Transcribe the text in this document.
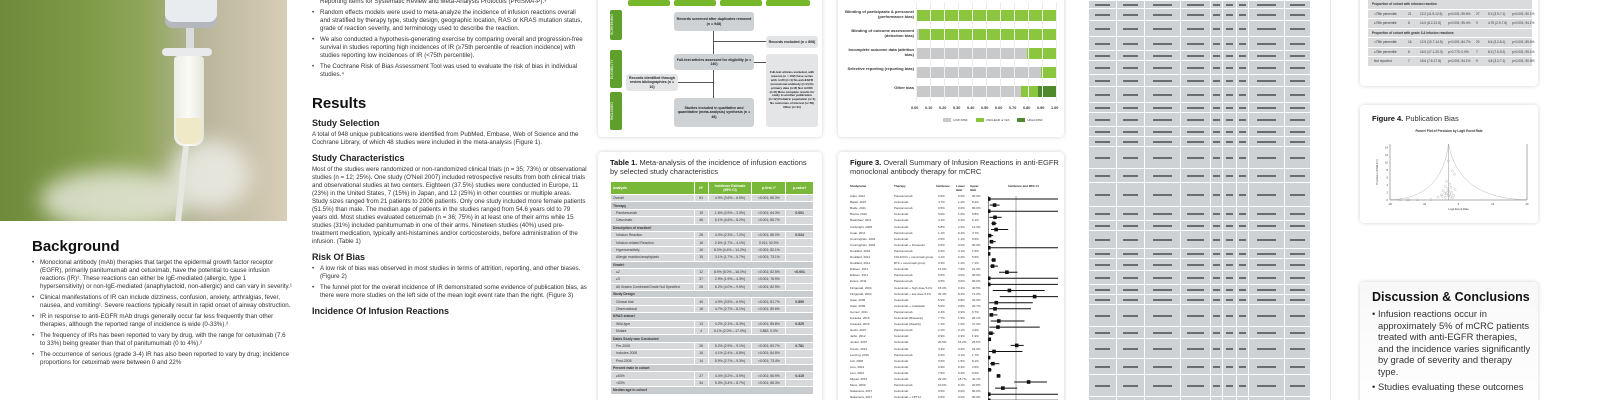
Background
• Monoclonal antibody (mAb) therapies that target the epidermal growth factor receptor (EGFR), primarily panitumumab and cetuximab, have the potential to cause infusion reactions (IR)¹. These reactions can either be IgE-mediated (allergic, type 1 hypersensitivity) or non-IgE-mediated (anaphylactoid, non-allergic) and can vary in severity.¹
• Clinical manifestations of IR can include dizziness, confusion, anxiety, arthralgias, fever, nausea, and vomiting¹. Severe reactions typically result in rapid onset of airway obstruction.
• IR in response to anti-EGFR mAb drugs generally occur far less frequently than other therapies, although the reported range of incidence is wide (0-33%).²
• The frequency of IRs has been reported to vary by drug, with the range for cetuximab (7.6 to 33%) being greater than that of panitumumab (0 to 4%).²
• The occurrence of serious (grade 3-4) IR has also been reported to vary by drug; incidence proportions for cetuximab were between 0 and 22%
Reporting Items for Systematic Review and Meta-Analysis Protocols (PRISMA-P).³
• Random effects models were used to meta-analyze the incidence of infusion reactions overall and stratified by therapy type, study design, geographic location, RAS or KRAS mutation status, grade of reaction severity, and terminology used to describe the reaction.
• We also conducted a hypothesis-generating exercise by comparing overall and progression-free survival in studies reporting high incidences of IR (≥75th percentile of reaction incidence) with studies reporting low incidences of IR (<75th percentile).
• The Cochrane Risk of Bias Assessment Tool was used to evaluate the risk of bias in individual studies.⁴
Results
Study Selection

A total of 948 unique publications were identified from PubMed, Embase, Web of Science and the Cochrane Library, of which 48 studies were included in the meta-analysis (Figure 1).

Study Characteristics

Most of the studies were randomized or non-randomized clinical trials (n = 35; 73%) or observational studies (n = 12; 25%). One study (O'Neil 2007) included retrospective results from both clinical trials and observational studies at two centers. Eighteen (37.5%) studies were conducted in Europe, 11 (23%) in the United States, 7 (15%) in Japan, and 12 (25%) in other counties or multiple areas. Study sizes ranged from 21 patients to 2006 patients. Only one study included more female patients (51.5%) than male. The median age of patients in the studies ranged from 54.6 years old to 79 years old. Most studies evaluated cetuximab (n = 36; 75%) in at least one of their arms while 15 studies (31%) included panitumumab in one of their arms. Nineteen studies (40%) used pre-treatment medication, typically anti-histamines and/or corticosteroids, before administration of the infusion. (Table 1)

Risk Of Bias
• A low risk of bias was observed in most studies in terms of attrition, reporting, and other biases. (Figure 2)
• The funnel plot for the overall incidence of IR demonstrated some evidence of publication bias, as there were more studies on the left side of the mean logit event rate than the right. (Figure 3)
Incidence Of Infusion Reactions
SCREENING
ELIGIBILITY
INCLUDED
Records screened after duplicates removed (n = 948)
Records excluded (n = 808)
Full-text articles assessed for eligibility (n = 140)
Records identified through review bibliographies (n = 10)
Studies included in qualitative and quantitative (meta-analysis) synthesis (n = 48)
Full-text articles excluded, with reasons (n = 102) Case series with n<20 (n=4) No anti-EGFR monoclonal antibody (n=2) No primary data (n=8) Not mCRC (n=8) More complete results for study in another publication (n=12) Pediatric population (n=1) No outcomes of interest (n=56) Other (n=11)
Blinding of participants & personnel (performance bias)
Blinding of outcome assessment (detection bias)
Incomplete outcome data (attrition bias)
Selective reporting (reporting bias)
Other bias
0.00 0.10 0.20 0.30 0.40 0.50 0.60 0.70 0.80 0.90 1.00
LOW RISK	UNCLEAR or N/A	HIGH RISK
Table 1. Meta-analysis of the incidence of infusion eactions by selected study characteristics
Analysis	N*	Incidence Estimate (95% CI)	p-first, I²	p-value†
Overall	61	4.9% (3.6% – 6.5%)	<0.001; 85.3%	
Therapy				
Panitumumab	15	1.6% (0.9% – 3.3%)	<0.001; 64.3%	0.001
Cetuximab	46	6.1% (4.6% – 8.2%)	<0.001; 85.7%	
Description of reaction†				
Infusion Reaction	28	4.0% (2.3% – 7.2%)	<0.001; 88.0%	0.024
Infusion-related Reaction	18	2.6% (1.7% – 4.1%)	0.011; 52.0%	
Hypersensitivity	16	8.0% (4.4% – 14.2%)	<0.001; 82.1%	
Allergic reaction/anaphylaxis	15	3.1% (1.7% – 5.7%)	<0.001; 73.1%	
Grade†				
≤2	12	8.9% (5.0% – 16.0%)	<0.001; 82.5%	<0.001
≥3	37	2.9% (1.9% – 4.3%)	<0.001; 76.9%	
All Grades Combined/Grade Not Specified	26	6.2% (4.0% – 9.5%)	<0.001; 82.9%	
Study Design				
Clinical trial	45	4.9% (3.5% – 6.9%)	<0.001; 81.7%	0.859
Observational	16	4.7% (2.7% – 8.1%)	<0.001; 89.6%	
KRAS status†				
Wild-type	13	4.2% (2.1% – 8.3%)	<0.001; 85.8%	0.525
Mutant	4	6.1% (2.0% – 17.0%)	0.862; 0.0%	
Dates Study was Conducted				
Pre-2008	26	5.2% (2.9% – 9.1%)	<0.001; 83.7%	0.781
Includes 2008	16	4.1% (2.4% – 6.8%)	<0.001; 84.5%	
Post-2008	14	5.9% (2.7% – 9.3%)	<0.001; 73.4%	
Percent male in cohort				
≥63%	27	4.4% (3.2% – 5.9%)	<0.001; 66.9%	0.415
<63%	34	5.3% (3.4% – 8.7%)	<0.001; 88.3%	
Median age in cohort				
Figure 3. Overall Summary of Infusion Reactions in anti-EGFR monoclonal antibody therapy for mCRC
Studyname	Therapy	Incidence Lower limit
Upper limit
Incidence and 95% CI
Adjei, 2012	Panitumumab	0.5%	0.0% 90.0%
Bartel, 2007	Cetuximab	4.7%	1.2% 8.3%
Bodle, 2011	Panitumumab	0.5%	0.0% 90.0%
Brecia, 2010	Cetuximab	5.0%	1.0% 9.8%
Bradshaw, 2011	Cetuximab	4.1%	2.4% 6.1%
Cartwright, 2009	Cetuximab	5.8%	2.2% 14.4%
Cuau, 2011	Panitumumab	1.1%	0.4% 3.7%
Cunningham, 2004	Cetuximab	2.5%	1.1% 5.6%
Cunningham, 2004	Cetuximab + Irinotecan	0.5%	0.0% 90.0%
Douillard, 2010	Panitumumab	0.4%	0.1% 1.6%
Douillard, 2014	FOLFOX4 + cetuximab group 4.1%	2.2% 5.5%
Douillard, 2014	BTZ + cetuximab group	3.3%	1.4% 7.1%
Eriksen, 2011	Cetuximab	13.5%	7.9% 21.0%
Eriksen, 2011	Panitumumab	0.5%	0.0% 90.0%
Evans, 2011	Panitumumab	0.5%	0.0% 90.0%
Fitzgerald, 2004	Cetuximab + high dose 5-FU 15.3%	3.4% 40.5%
Fitzgerald, 2004	Cetuximab + low dose 5-FU 33.3%	8.4% 71.2%
Gaisi, 2009	Cetuximab	5.9%	0.8% 32.0%
Gaisi, 2009	Cetuximab + oxaliplatin	5.0%	0.8% 30.7%
Gomez, 2011	Panitumumab	2.4%	0.9% 6.7%
Kuraoka, 2016	Cetuximab (Biweekly)	7.7%	1.9% 26.1%
Kuraoka, 2016	Cetuximab (Weekly)	7.1%	1.0% 37.0%
Hecht, 2007	Panitumumab	2.1%	0.1% 4.6%
Jaiho, 2012	Cetuximab	0.9%	0.3% 1.9%
Jonker, 2007	Cetuximab	20.5%	16.2% 25.5%
Kondo, 2013	Cetuximab	4.3%	0.6% 24.6%
Lenzing, 2016	Panitumumab	0.4%	0.1% 1.7%
Lidi, 2008	Cetuximab	3.5%	1.5% 8.1%
Liou, 2004	Cetuximab	0.9%	0.3% 2.6%
Liou, 2004	Cetuximab	7.5%	6.2% 9.0%
Miguel, 2013	Cetuximab	29.0%	18.7% 42.1%
Moss, 2009	Panitumumab	10.6%	5.1% 20.8%
Nakamura, 2017	Cetuximab	0.5%	0.0% 90.0%
Nakamura, 2017	Cetuximab + CPT11	0.5%	0.0% 90.0%
Proportion of cohort with infusion reaction
<75th percentile	21	12.2 (11.9-12.6) p<0.001; 95.6% 27	5.3 (3.9-7.1) p<0.001; 90.1%
≥75th percentile	8	14.0 (8.2-21.5) p<0.001; 95.4% 9	4.75 (2.9-7.6) p<0.001; 94.1%
Proportion of cohort with grade 3-4 infusion reactions
<75th percentile	16	12.5 (10.7-14.5) p<0.001; 84.7% 20	6.6 (3.2-6.1) p<0.001; 89.6%
≥75th percentile	6	16.0 (17.1-20.3) p=0.770; 0.0% 7	8.3 (7.5-9.2) p<0.001; 95.1%
Not reported	7	15.6 (7.5-17.8) p<0.001; 94.1% 9	4.8 (3.2-7.1) p<0.001; 90.6%
Figure 4. Publication Bias
Funnel Plot of Precision by Logit Event Rate
-20	-10	0	10	20
0
2
4
6
8
10
12
14
Logit Event Rate
Precision (1/Std Err)
Discussion & Conclusions
• Infusion reactions occur in approximately 5% of mCRC patients treated with anti-EGFR therapies, and the incidence varies significantly by grade of severity and therapy type.
• Studies evaluating these outcomes
